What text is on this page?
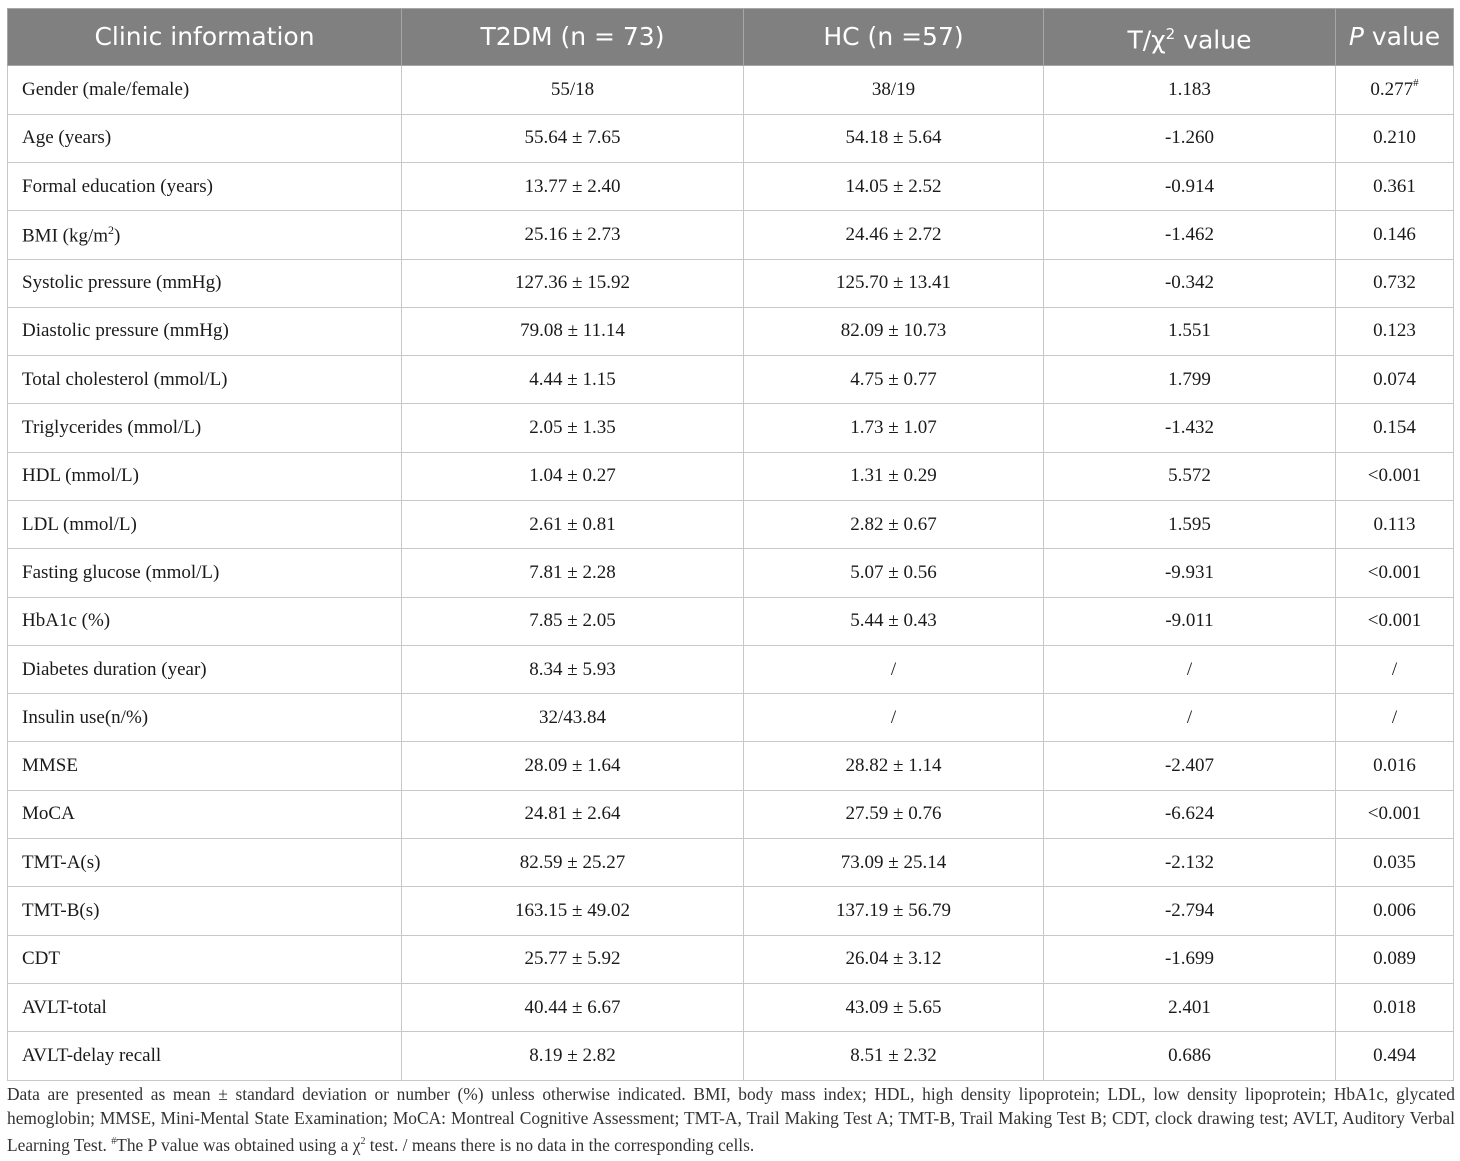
Clinic information	T2DM (n = 73)	HC (n =57)	$T/\chi^2$ value	P value
Gender (male/female)	55/18	38/19	1.183	0.277#
Age (years)	55.64 ± 7.65	54.18 ± 5.64	-1.260	0.210
Formal education (years)	13.77 ± 2.40	14.05 ± 2.52	-0.914	0.361
BMI $(kg/m^2)$	25.16 ± 2.73	24.46 ± 2.72	-1.462	0.146
Systolic pressure (mmHg)	127.36 ± 15.92	125.70 ± 13.41	-0.342	0.732
Diastolic pressure (mmHg)	79.08 ± 11.14	82.09 ± 10.73	1.551	0.123
Total cholesterol (mmol/L)	4.44 ± 1.15	4.75 ± 0.77	1.799	0.074
Triglycerides (mmol/L)	2.05 ± 1.35	1.73 ± 1.07	-1.432	0.154
HDL (mmol/L)	1.04 ± 0.27	1.31 ± 0.29	5.572	<0.001
LDL (mmol/L)	2.61 ± 0.81	2.82 ± 0.67	1.595	0.113
Fasting glucose (mmol/L)	7.81 ± 2.28	5.07 ± 0.56	-9.931	<0.001
HbA1c (%)	7.85 ± 2.05	5.44 ± 0.43	-9.011	<0.001
Diabetes duration (year)	8.34 ± 5.93	/	/	/
Insulin use(n/%)	32/43.84	/	/	/
MMSE	28.09 ± 1.64	28.82 ± 1.14	-2.407	0.016
MoCA	24.81 ± 2.64	27.59 ± 0.76	-6.624	<0.001
TMT-A(s)	82.59 ± 25.27	73.09 ± 25.14	-2.132	0.035
TMT-B(s)	163.15 ± 49.02	137.19 ± 56.79	-2.794	0.006
CDT	25.77 ± 5.92	26.04 ± 3.12	-1.699	0.089
AVLT-total	40.44 ± 6.67	43.09 ± 5.65	2.401	0.018
AVLT-delay recall	8.19 ± 2.82	8.51 ± 2.32	0.686	0.494
Data are presented as mean ± standard deviation or number (%) unless otherwise indicated. BMI, body mass index; HDL, high density lipoprotein; LDL, low density lipoprotein; HbA1c, glycated hemoglobin; MMSE, Mini-Mental State Examination; MoCA: Montreal Cognitive Assessment; TMT-A, Trail Making Test A; TMT-B, Trail Making Test B; CDT, clock drawing test; AVLT, Auditory Verbal Learning Test. #The P value was obtained using a $\chi^2$ test. / means there is no data in the corresponding cells.
